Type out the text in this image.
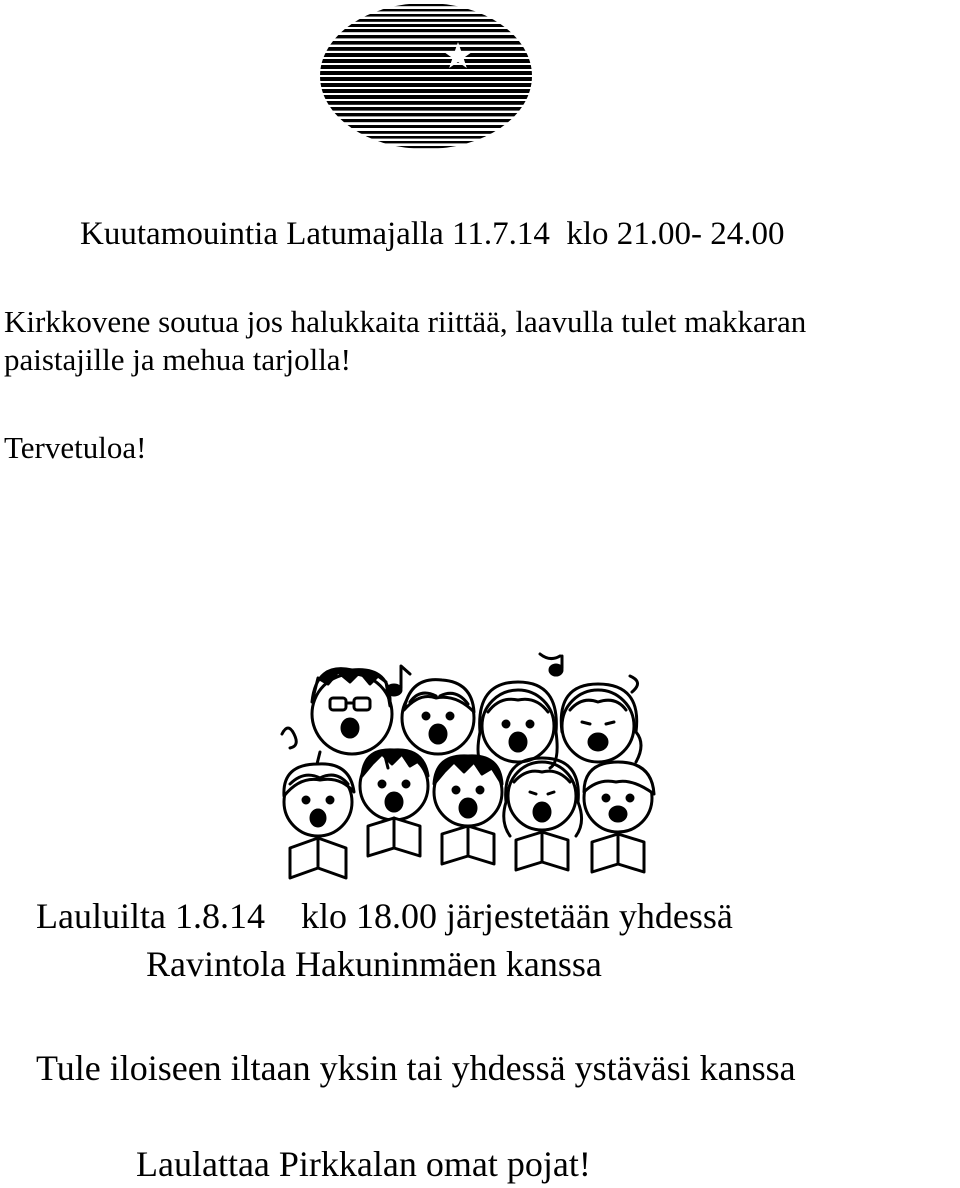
Kuutamouintia Latumajalla 11.7.14  klo 21.00- 24.00
Kirkkovene soutua jos halukkaita riittää, laavulla tulet makkaran
paistajille ja mehua tarjolla!
Tervetuloa!
Lauluilta 1.8.14    klo 18.00 järjestetään yhdessä
Ravintola Hakuninmäen kanssa
Tule iloiseen iltaan yksin tai yhdessä ystäväsi kanssa
Laulattaa Pirkkalan omat pojat!
